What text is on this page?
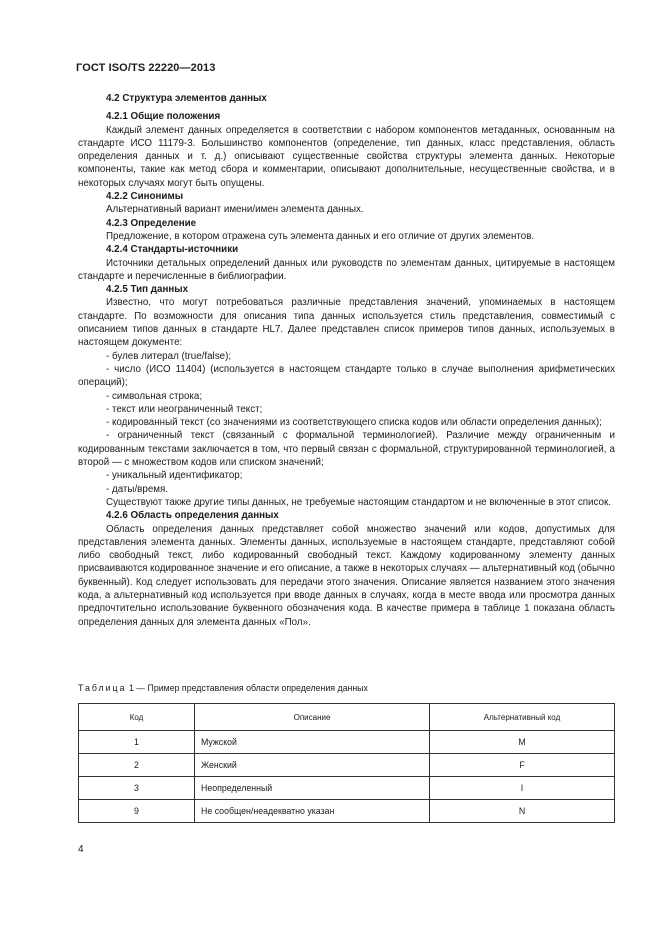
ГОСТ ISO/TS 22220—2013
4.2 Структура элементов данных
4.2.1 Общие положения

Каждый элемент данных определяется в соответствии с набором компонентов метаданных, основанным на стандарте ИСО 11179-3. Большинство компонентов (определение, тип данных, класс представления, область определения данных и т. д.) описывают существенные свойства структуры элемента данных. Некоторые компоненты, такие как метод сбора и комментарии, описывают дополнительные, несущественные свойства, и в некоторых случаях могут быть опущены.

4.2.2 Синонимы

Альтернативный вариант имени/имен элемента данных.

4.2.3 Определение

Предложение, в котором отражена суть элемента данных и его отличие от других элементов.

4.2.4 Стандарты-источники

Источники детальных определений данных или руководств по элементам данных, цитируемые в настоящем стандарте и перечисленные в библиографии.

4.2.5 Тип данных

Известно, что могут потребоваться различные представления значений, упоминаемых в настоящем стандарте. По возможности для описания типа данных используется стиль представления, совместимый с описанием типов данных в стандарте HL7. Далее представлен список примеров типов данных, используемых в настоящем документе:

- булев литерал (true/false);
- число (ИСО 11404) (используется в настоящем стандарте только в случае выполнения арифметических операций);
- символьная строка;
- текст или неограниченный текст;
- кодированный текст (со значениями из соответствующего списка кодов или области определения данных);
- ограниченный текст (связанный с формальной терминологией). Различие между ограниченным и кодированным текстами заключается в том, что первый связан с формальной, структурированной терминологией, а второй — с множеством кодов или списком значений;
- уникальный идентификатор;
- даты/время.

Существуют также другие типы данных, не требуемые настоящим стандартом и не включенные в этот список.

4.2.6 Область определения данных

Область определения данных представляет собой множество значений или кодов, допустимых для представления элемента данных. Элементы данных, используемые в настоящем стандарте, представляют собой либо свободный текст, либо кодированный свободный текст. Каждому кодированному элементу данных присваиваются кодированное значение и его описание, а также в некоторых случаях — альтернативный код (обычно буквенный). Код следует использовать для передачи этого значения. Описание является названием этого значения кода, а альтернативный код используется при вводе данных в случаях, когда в месте ввода или просмотра данных предпочтительно использование буквенного обозначения кода. В качестве примера в таблице 1 показана область определения данных для элемента данных «Пол».

Таблица 1 — Пример представления области определения данных
Код	Описание	Альтернативный код
1	Мужской	M
2	Женский	F
3	Неопределенный	I
9	Не сообщен/неадекватно указан	N
4
